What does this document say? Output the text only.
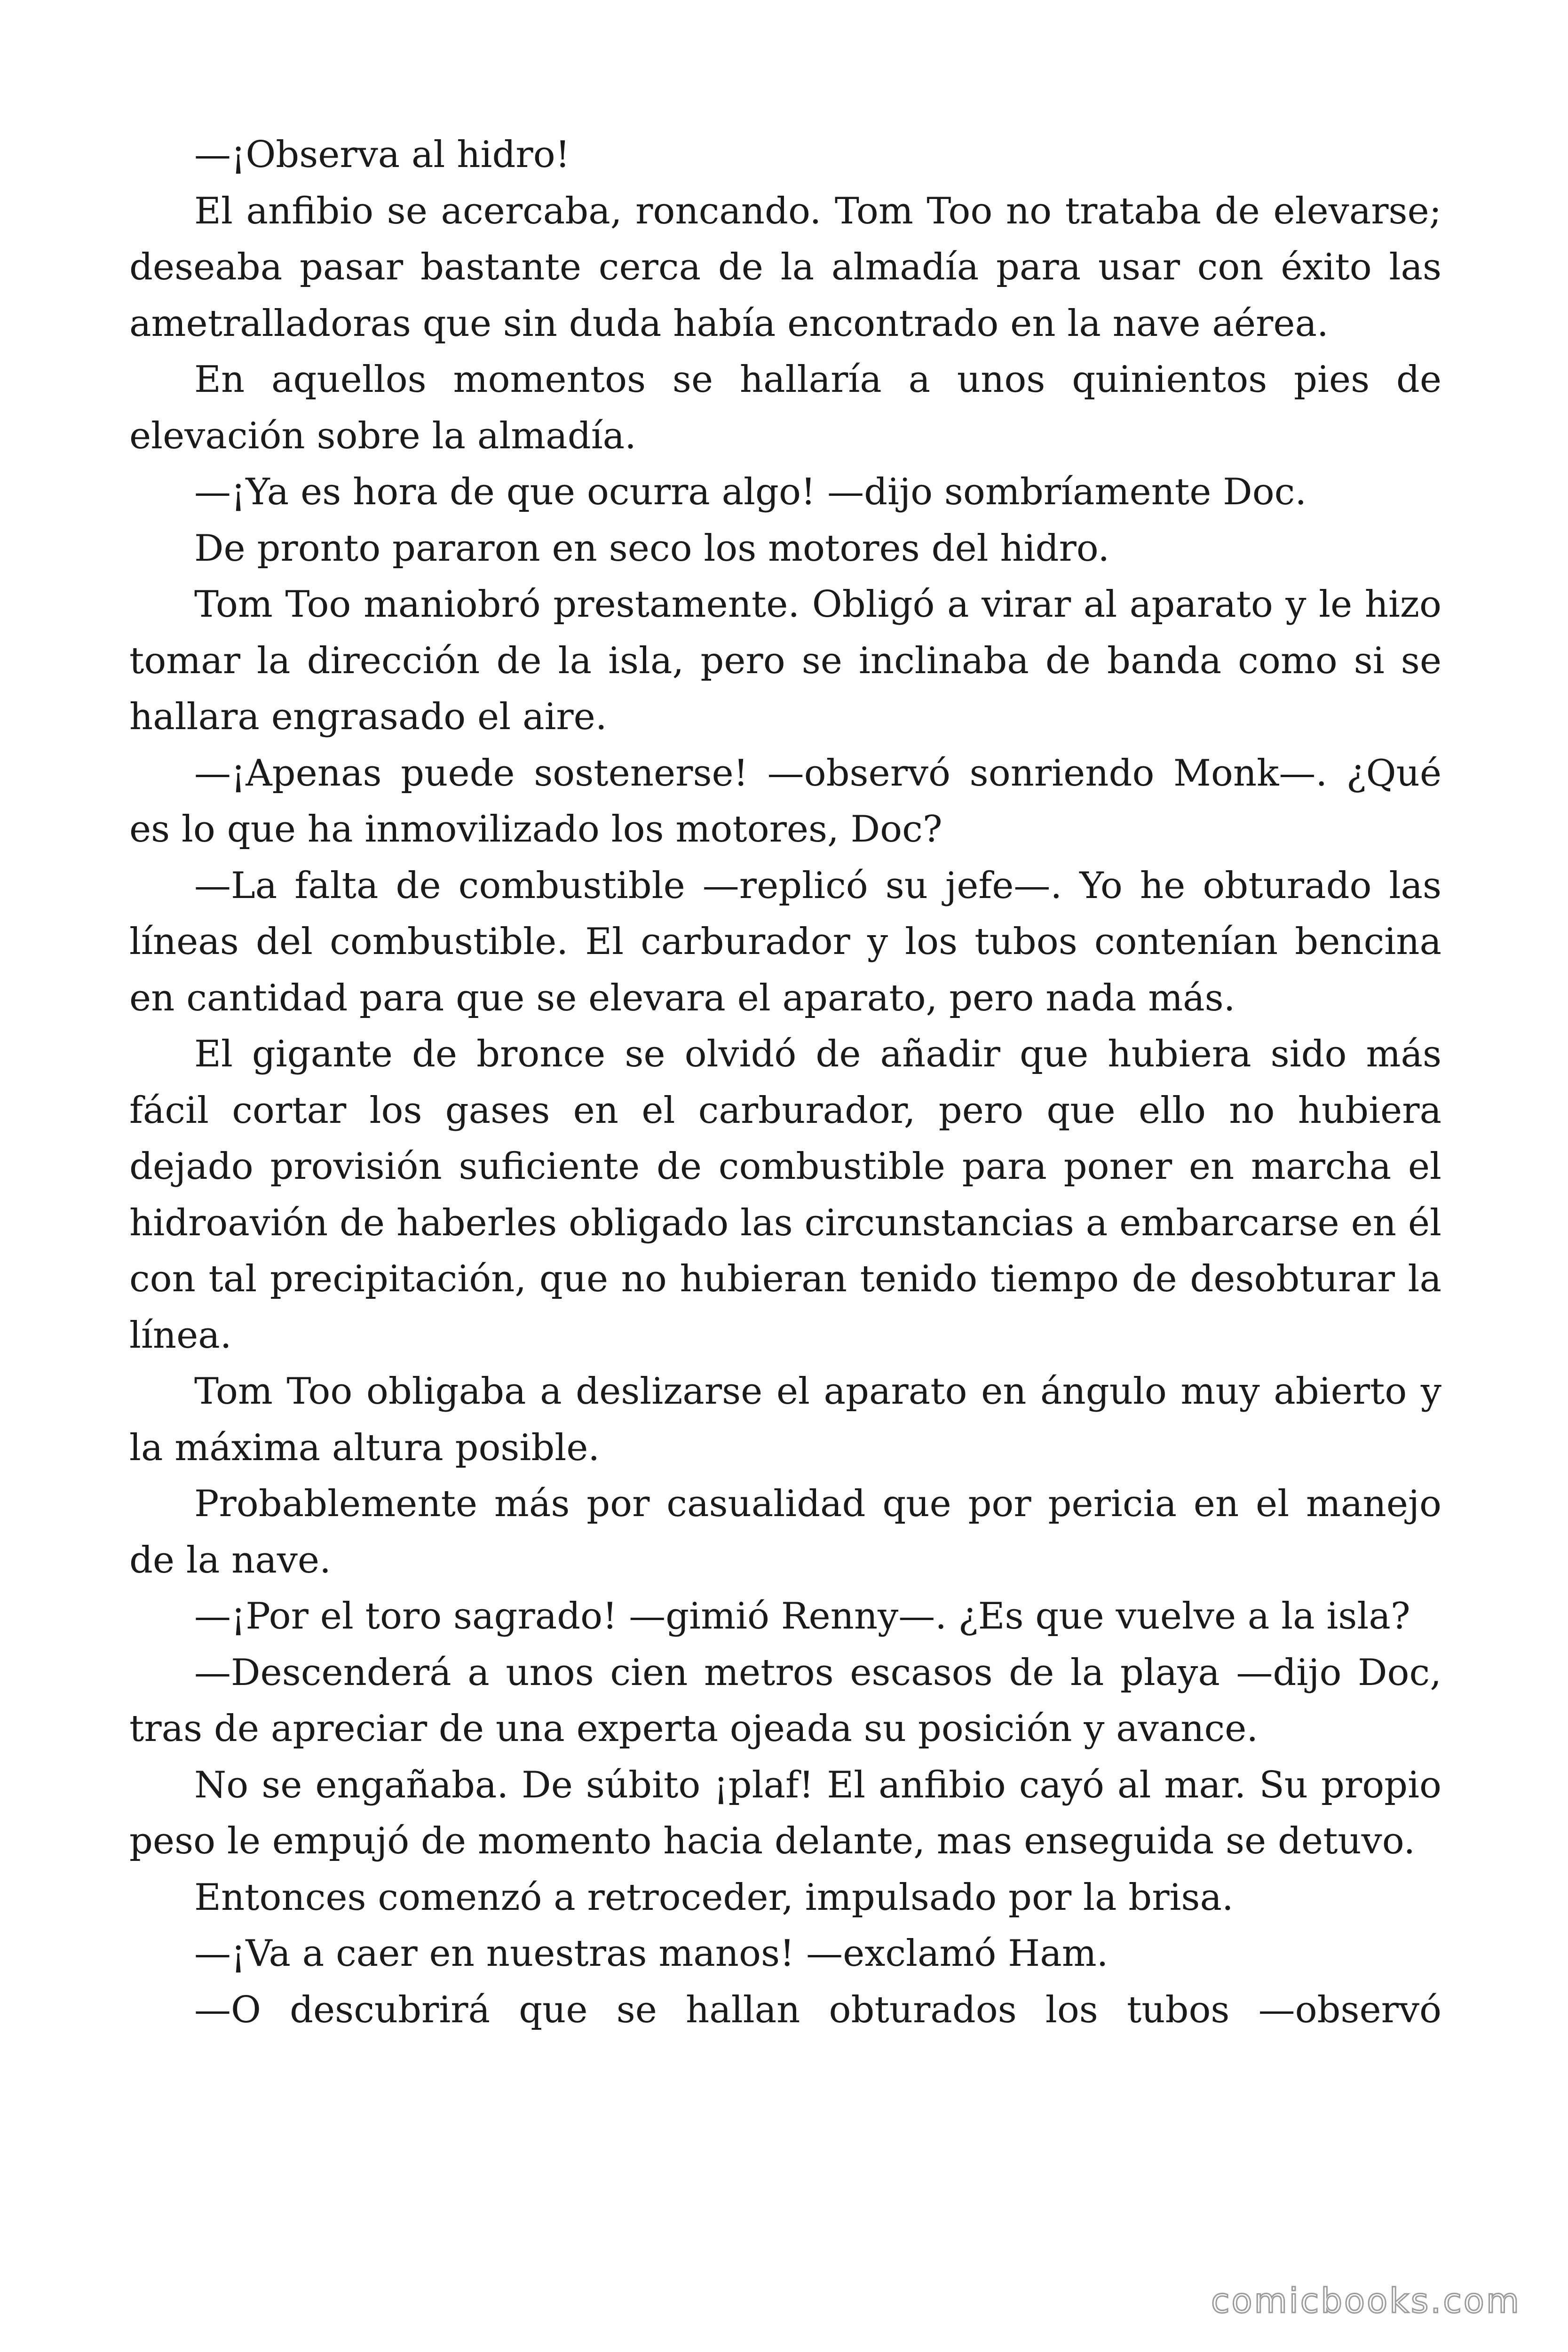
—¡Observa al hidro!

El anfibio se acercaba, roncando. Tom Too no trataba de elevarse; deseaba pasar bastante cerca de la almadía para usar con éxito las ametralladoras que sin duda había encontrado en la nave aérea.

En aquellos momentos se hallaría a unos quinientos pies de elevación sobre la almadía.

—¡Ya es hora de que ocurra algo! —dijo sombríamente Doc.

De pronto pararon en seco los motores del hidro.

Tom Too maniobró prestamente. Obligó a virar al aparato y le hizo tomar la dirección de la isla, pero se inclinaba de banda como si se hallara engrasado el aire.

—¡Apenas puede sostenerse! —observó sonriendo Monk—. ¿Qué es lo que ha inmovilizado los motores, Doc?

—La falta de combustible —replicó su jefe—. Yo he obturado las líneas del combustible. El carburador y los tubos contenían bencina en cantidad para que se elevara el aparato, pero nada más.

El gigante de bronce se olvidó de añadir que hubiera sido más fácil cortar los gases en el carburador, pero que ello no hubiera dejado provisión suficiente de combustible para poner en marcha el hidroavión de haberles obligado las circunstancias a embarcarse en él con tal precipitación, que no hubieran tenido tiempo de desobturar la línea.

Tom Too obligaba a deslizarse el aparato en ángulo muy abierto y la máxima altura posible.

Probablemente más por casualidad que por pericia en el manejo de la nave.

—¡Por el toro sagrado! —gimió Renny—. ¿Es que vuelve a la isla?

—Descenderá a unos cien metros escasos de la playa —dijo Doc, tras de apreciar de una experta ojeada su posición y avance.

No se engañaba. De súbito ¡plaf! El anfibio cayó al mar. Su propio peso le empujó de momento hacia delante, mas enseguida se detuvo.

Entonces comenzó a retroceder, impulsado por la brisa.

—¡Va a caer en nuestras manos! —exclamó Ham.

—O descubrirá que se hallan obturados los tubos —observó

comicbooks.com
